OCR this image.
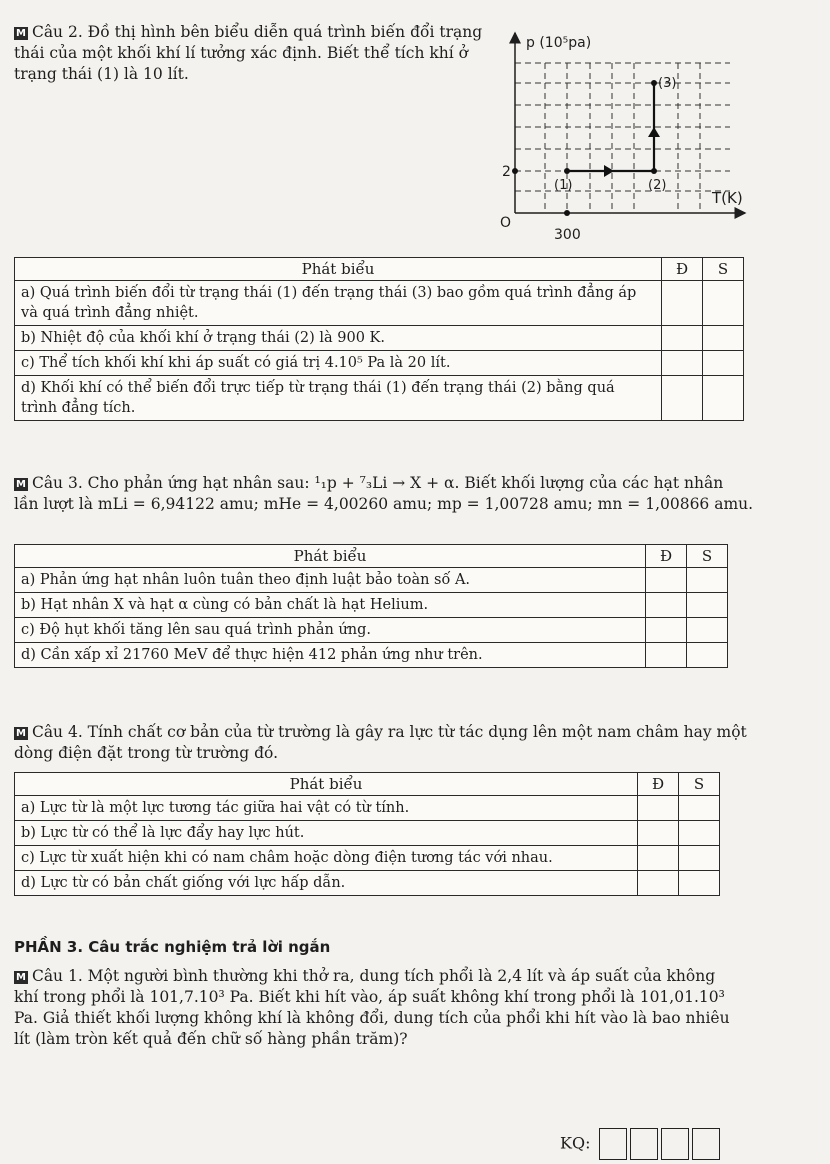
M Câu 2. Đồ thị hình bên biểu diễn quá trình biến đổi trạng thái của một khối khí lí tưởng xác định. Biết thể tích khí ở trạng thái (1) là 10 lít.
p (10⁵pa)
T(K)
O
2
300
(1)	(2)
(3)
Phát biểu	Đ	S
a) Quá trình biến đổi từ trạng thái (1) đến trạng thái (3) bao gồm quá trình đẳng áp và quá trình đẳng nhiệt.		
b) Nhiệt độ của khối khí ở trạng thái (2) là 900 K.		
c) Thể tích khối khí khi áp suất có giá trị 4.10⁵ Pa là 20 lít.		
d) Khối khí có thể biến đổi trực tiếp từ trạng thái (1) đến trạng thái (2) bằng quá trình đẳng tích.		
M Câu 3. Cho phản ứng hạt nhân sau: ¹₁p + ⁷₃Li → X + α. Biết khối lượng của các hạt nhân
lần lượt là mLi = 6,94122 amu; mHe = 4,00260 amu; mp = 1,00728 amu; mn = 1,00866 amu.
Phát biểu	Đ	S
a) Phản ứng hạt nhân luôn tuân theo định luật bảo toàn số A.		
b) Hạt nhân X và hạt α cùng có bản chất là hạt Helium.		
c) Độ hụt khối tăng lên sau quá trình phản ứng.		
d) Cần xấp xỉ 21760 MeV để thực hiện 412 phản ứng như trên.		
M Câu 4. Tính chất cơ bản của từ trường là gây ra lực từ tác dụng lên một nam châm hay một dòng điện đặt trong từ trường đó.
Phát biểu	Đ	S
a) Lực từ là một lực tương tác giữa hai vật có từ tính.		
b) Lực từ có thể là lực đẩy hay lực hút.		
c) Lực từ xuất hiện khi có nam châm hoặc dòng điện tương tác với nhau.		
d) Lực từ có bản chất giống với lực hấp dẫn.		
PHẦN 3. Câu trắc nghiệm trả lời ngắn
M Câu 1. Một người bình thường khi thở ra, dung tích phổi là 2,4 lít và áp suất của không khí trong phổi là 101,7.10³ Pa. Biết khi hít vào, áp suất không khí trong phổi là 101,01.10³ Pa. Giả thiết khối lượng không khí là không đổi, dung tích của phổi khi hít vào là bao nhiêu lít (làm tròn kết quả đến chữ số hàng phần trăm)?
KQ:
